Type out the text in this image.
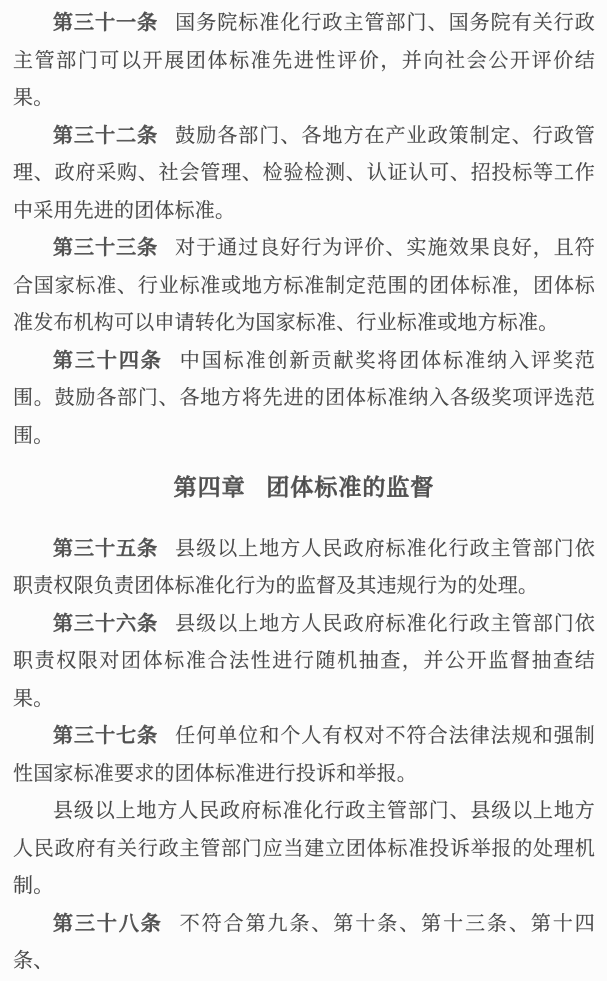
第三十一条 国务院标准化行政主管部门、国务院有关行政主管部门可以开展团体标准先进性评价，并向社会公开评价结果。

第三十二条 鼓励各部门、各地方在产业政策制定、行政管理、政府采购、社会管理、检验检测、认证认可、招投标等工作中采用先进的团体标准。

第三十三条 对于通过良好行为评价、实施效果良好，且符合国家标准、行业标准或地方标准制定范围的团体标准，团体标准发布机构可以申请转化为国家标准、行业标准或地方标准。

第三十四条 中国标准创新贡献奖将团体标准纳入评奖范围。鼓励各部门、各地方将先进的团体标准纳入各级奖项评选范围。

第四章 团体标准的监督

第三十五条 县级以上地方人民政府标准化行政主管部门依职责权限负责团体标准化行为的监督及其违规行为的处理。

第三十六条 县级以上地方人民政府标准化行政主管部门依职责权限对团体标准合法性进行随机抽查，并公开监督抽查结果。

第三十七条 任何单位和个人有权对不符合法律法规和强制性国家标准要求的团体标准进行投诉和举报。

县级以上地方人民政府标准化行政主管部门、县级以上地方人民政府有关行政主管部门应当建立团体标准投诉举报的处理机制。

第三十八条 不符合第九条、第十条、第十三条、第十四条、
